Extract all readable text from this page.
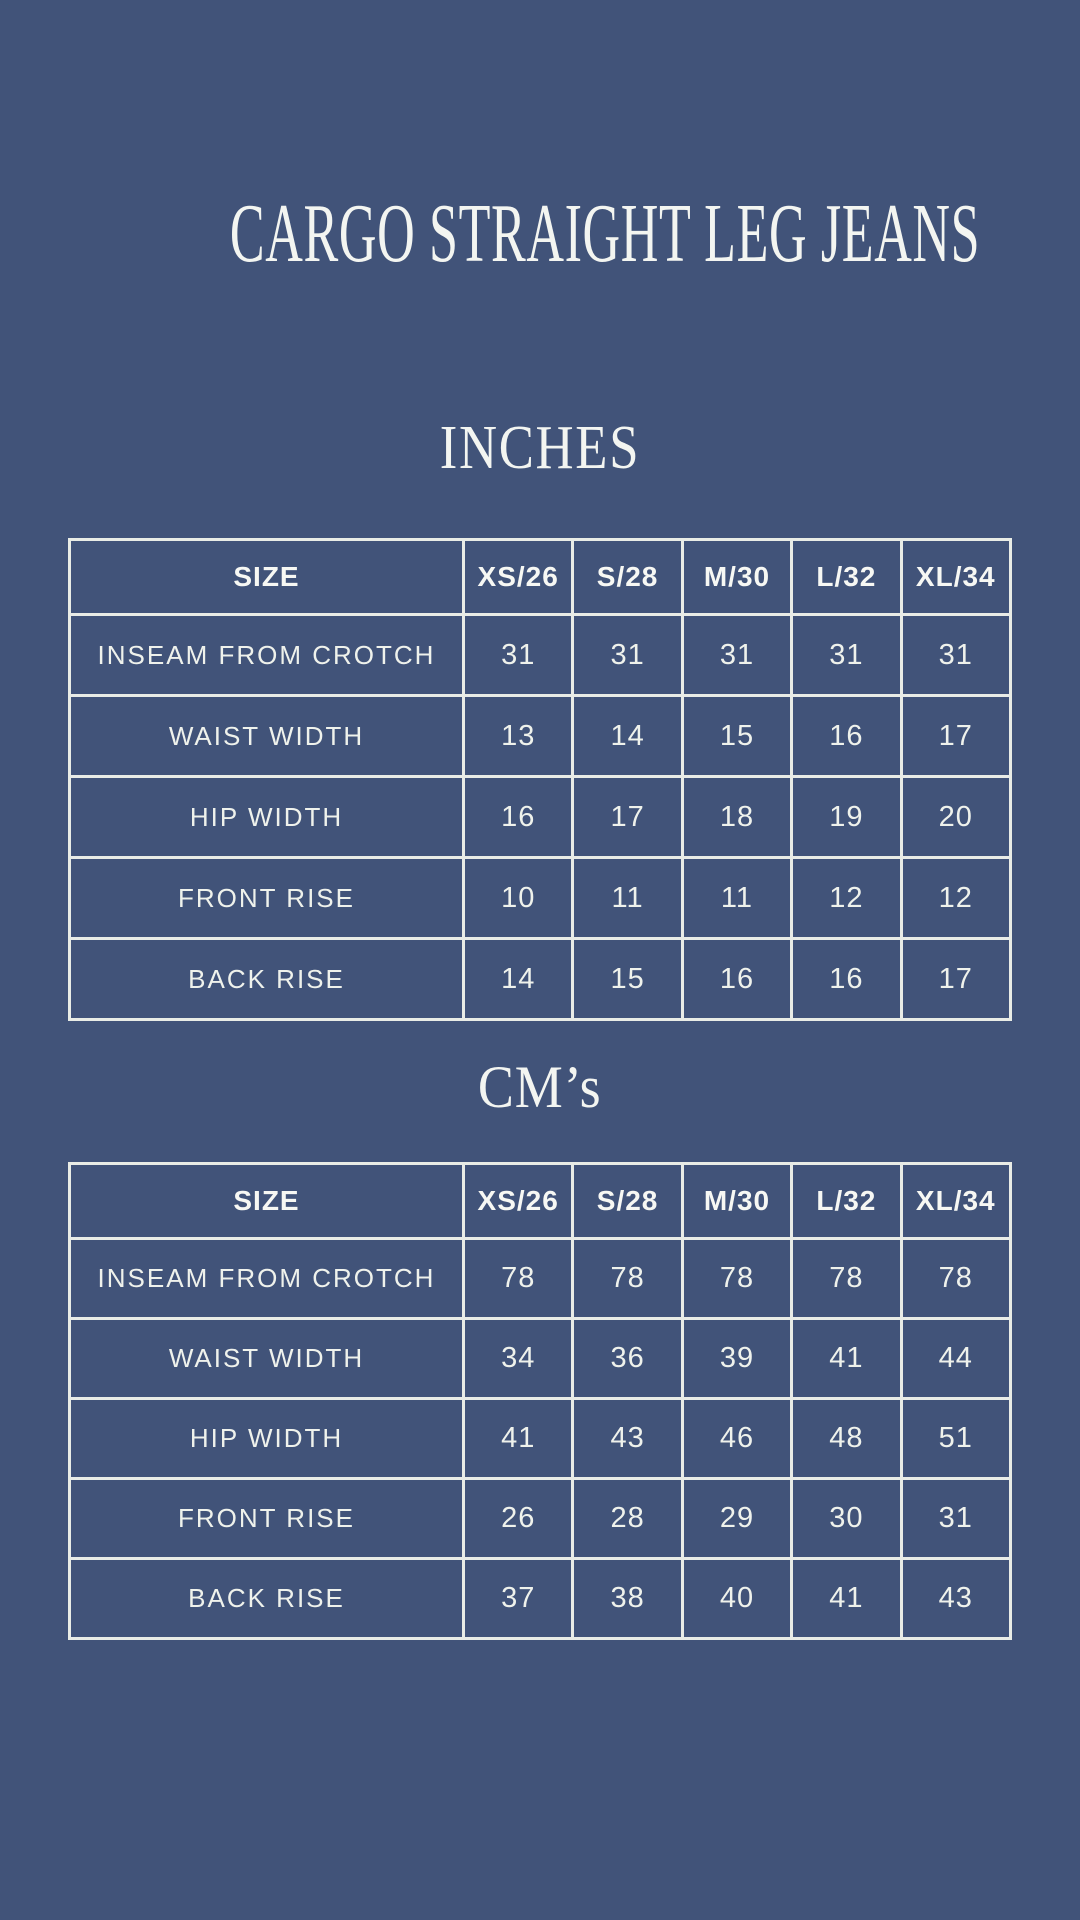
CARGO STRAIGHT LEG JEANS
INCHES
SIZE	XS/26	S/28	M/30	L/32	XL/34
INSEAM FROM CROTCH	31	31	31	31	31
WAIST WIDTH	13	14	15	16	17
HIP WIDTH	16	17	18	19	20
FRONT RISE	10	11	11	12	12
BACK RISE	14	15	16	16	17
CM’s
SIZE	XS/26	S/28	M/30	L/32	XL/34
INSEAM FROM CROTCH	78	78	78	78	78
WAIST WIDTH	34	36	39	41	44
HIP WIDTH	41	43	46	48	51
FRONT RISE	26	28	29	30	31
BACK RISE	37	38	40	41	43
